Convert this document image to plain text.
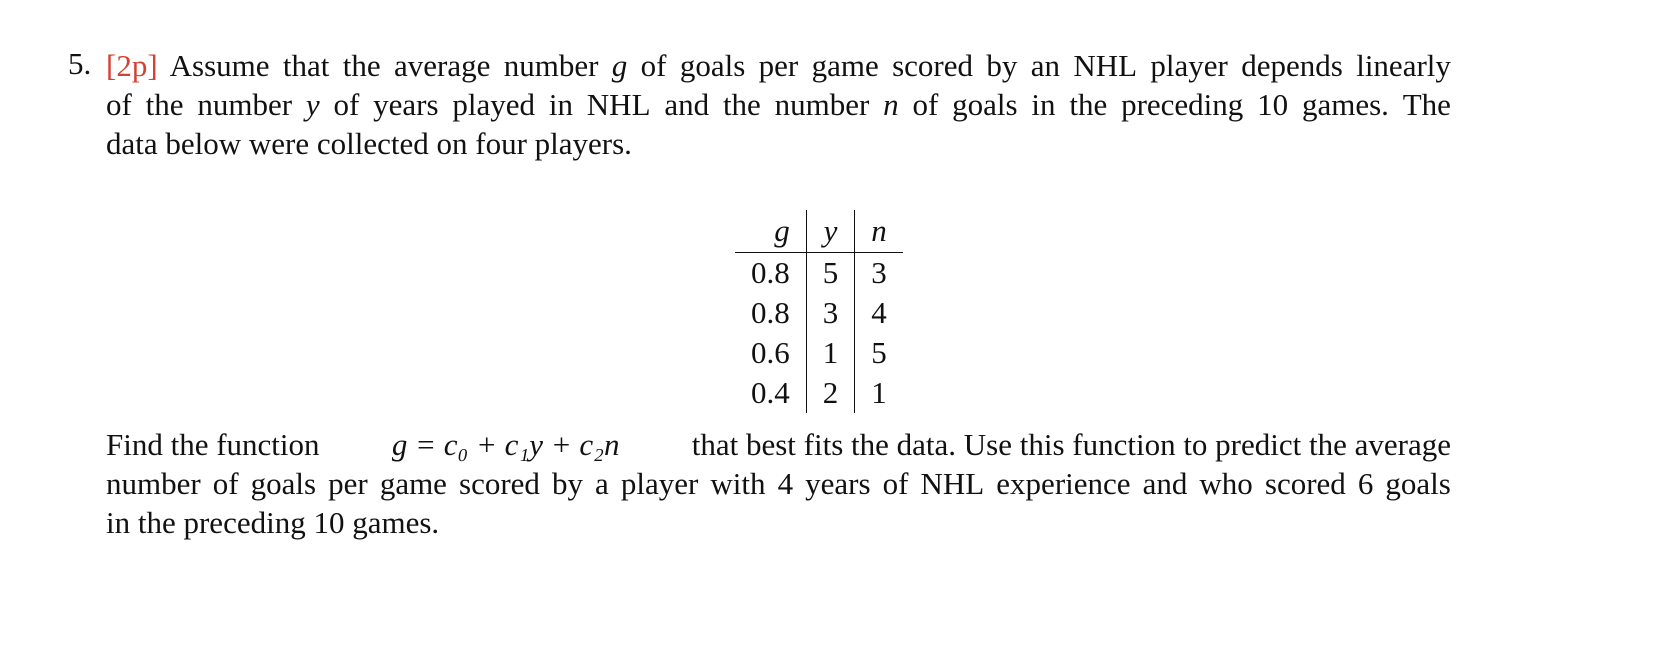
5. [2p] Assume that the average number g of goals per game scored by an NHL player depends linearly
of the number y of years played in NHL and the number n of goals in the preceding 10 games. The
data below were collected on four players.
Find the function g = c₀ + c₁y + c₂n that best fits the data. Use this function to predict the average
number of goals per game scored by a player with 4 years of NHL experience and who scored 6 goals
in the preceding 10 games.
g	y	n
0.8	5	3
0.8	3	4
0.6	1	5
0.4	2	1
